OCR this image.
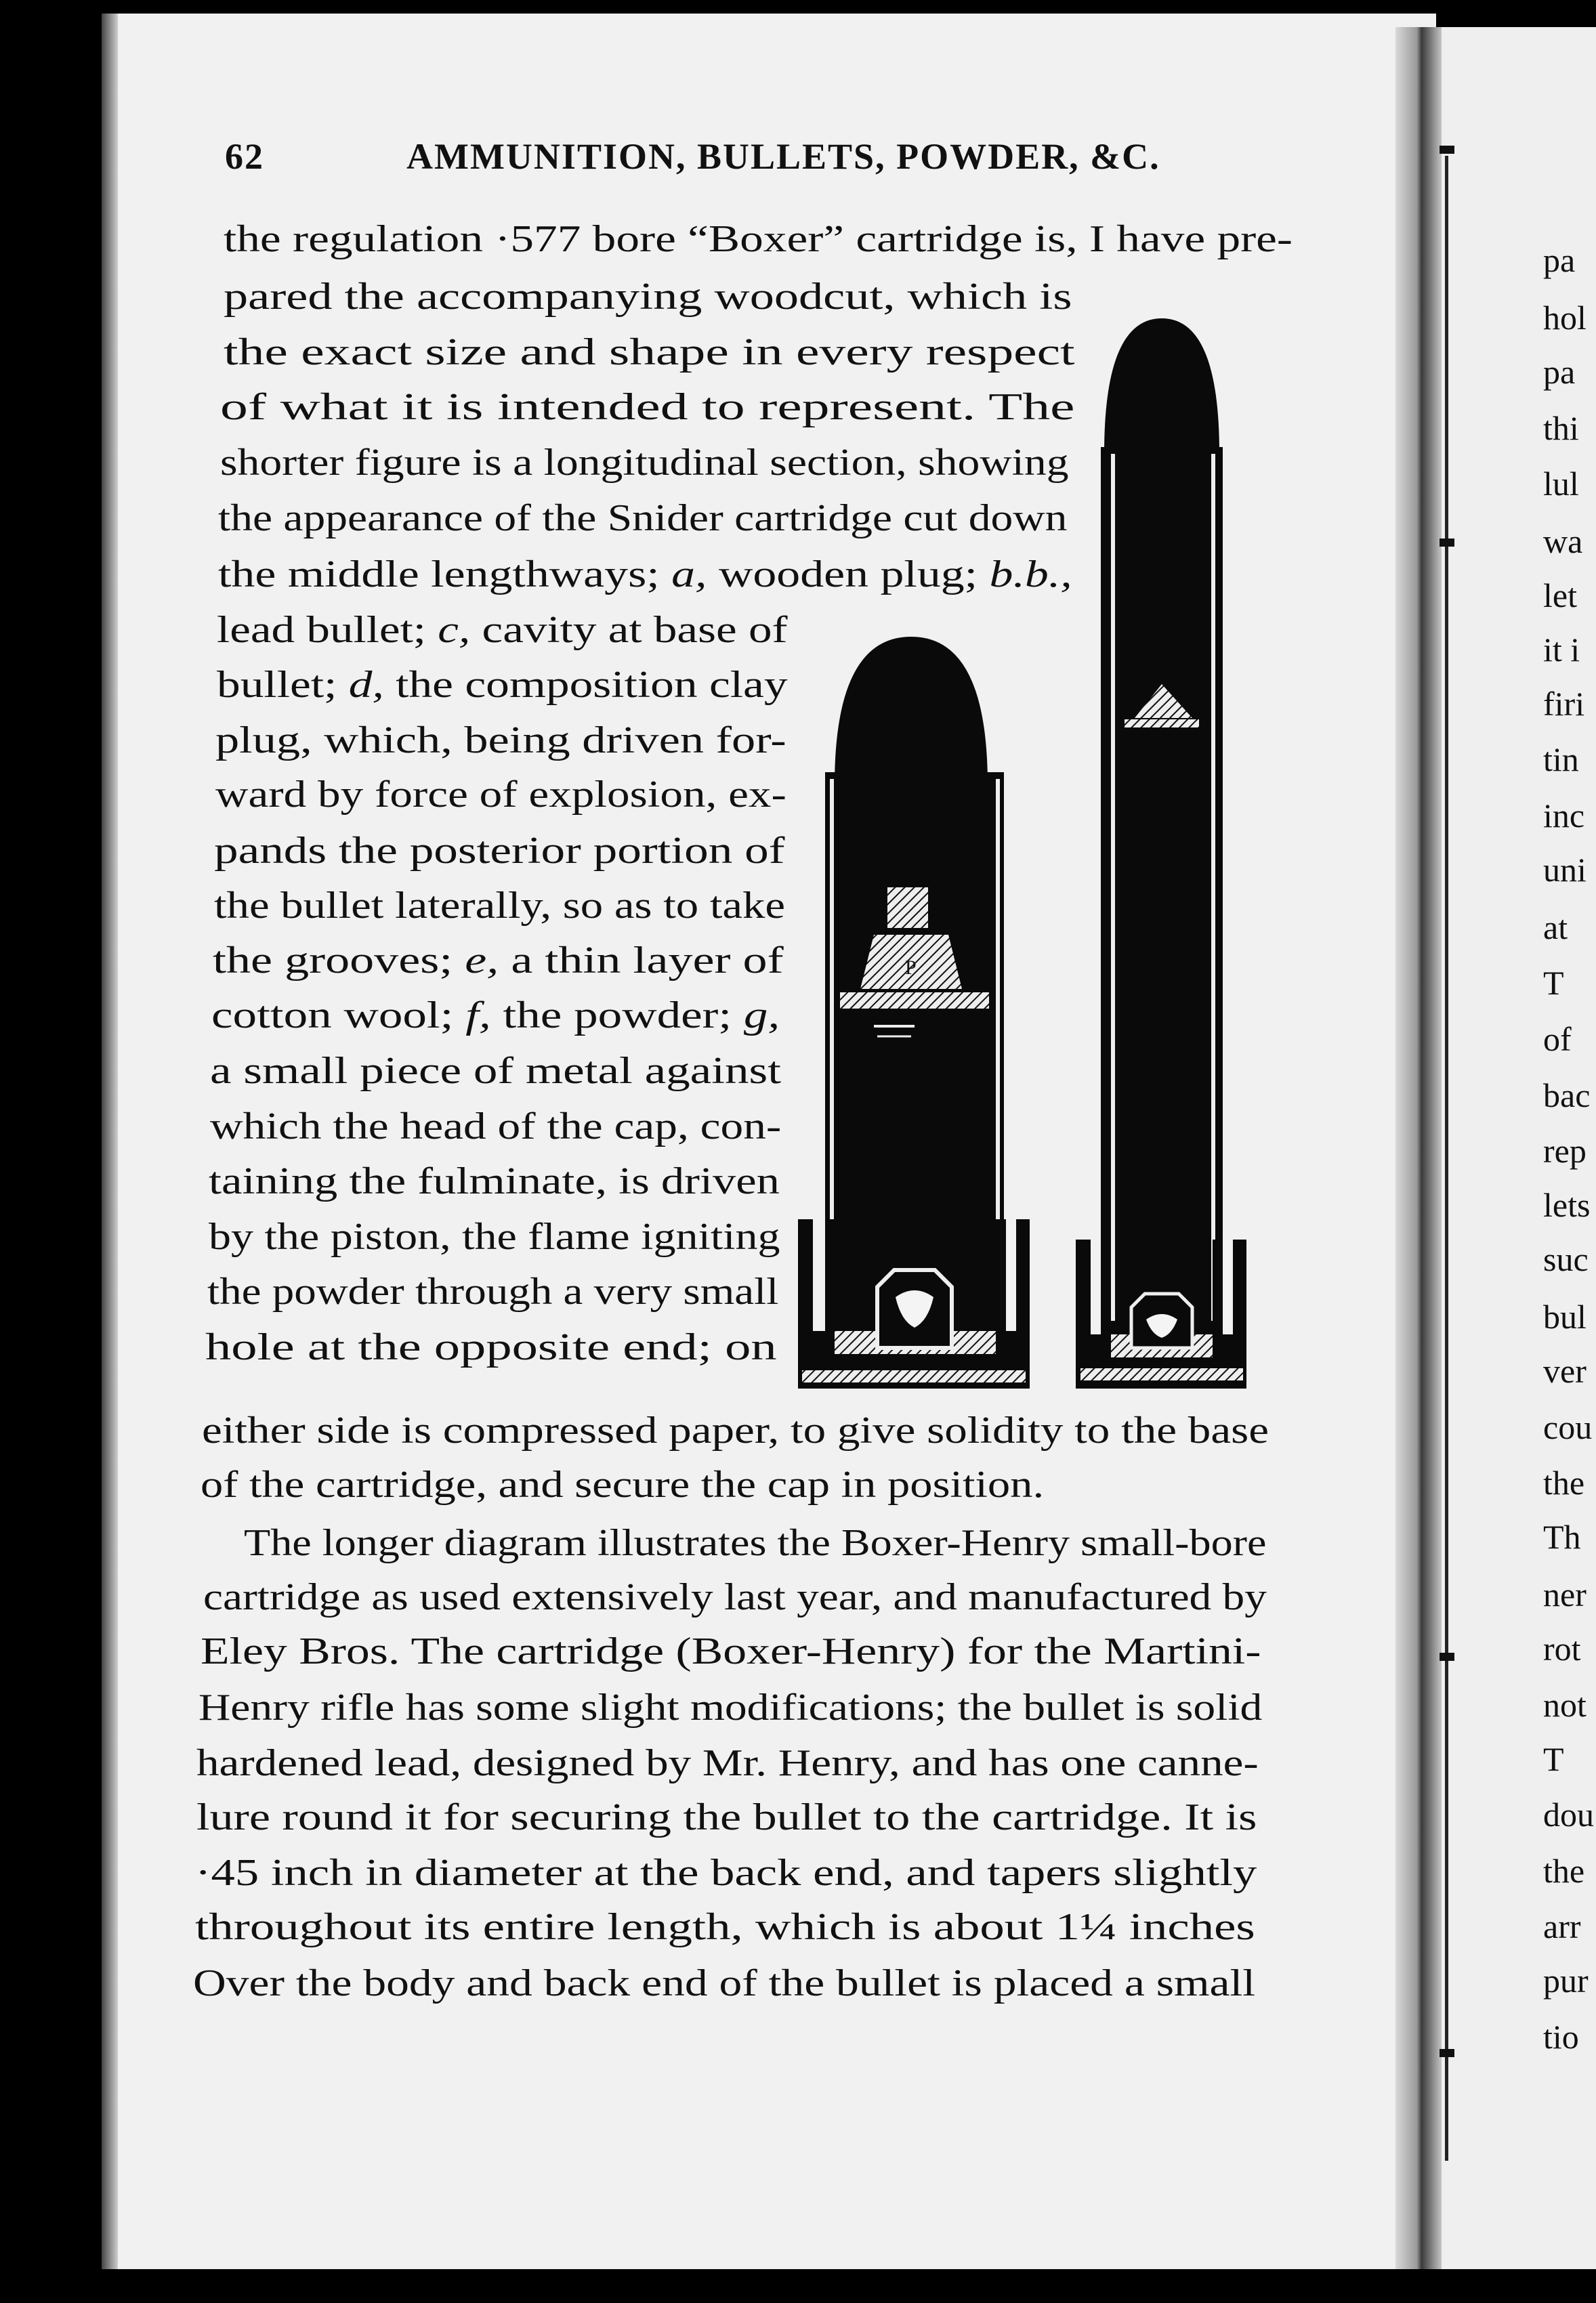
62	AMMUNITION, BULLETS, POWDER, &C.
the regulation ·577 bore “Boxer” cartridge is, I have pre-
pared the accompanying woodcut, which is
the exact size and shape in every respect
of what it is intended to represent. The
shorter figure is a longitudinal section, showing
the appearance of the Snider cartridge cut down
the middle lengthways; a, wooden plug; b.b.,
lead bullet; c, cavity at base of
bullet; d, the composition clay
plug, which, being driven for-
ward by force of explosion, ex-
pands the posterior portion of
the bullet laterally, so as to take
the grooves; e, a thin layer of
cotton wool; f, the powder; g,
a small piece of metal against
which the head of the cap, con-
taining the fulminate, is driven
by the piston, the flame igniting
the powder through a very small
hole at the opposite end; on
either side is compressed paper, to give solidity to the base
of the cartridge, and secure the cap in position.
The longer diagram illustrates the Boxer-Henry small-bore
cartridge as used extensively last year, and manufactured by
Eley Bros. The cartridge (Boxer-Henry) for the Martini-
Henry rifle has some slight modifications; the bullet is solid
hardened lead, designed by Mr. Henry, and has one canne-
lure round it for securing the bullet to the cartridge. It is
·45 inch in diameter at the back end, and tapers slightly
throughout its entire length, which is about 1¼ inches
Over the body and back end of the bullet is placed a small
pa
hol
pa
thi
lul
wa
let
it i
firi
tin
inc
uni
at
T
of
bac
rep
lets
suc
bul
ver
cou
the
Th
ner
rot
not
T
dou
the
arr
pur
tio
P
